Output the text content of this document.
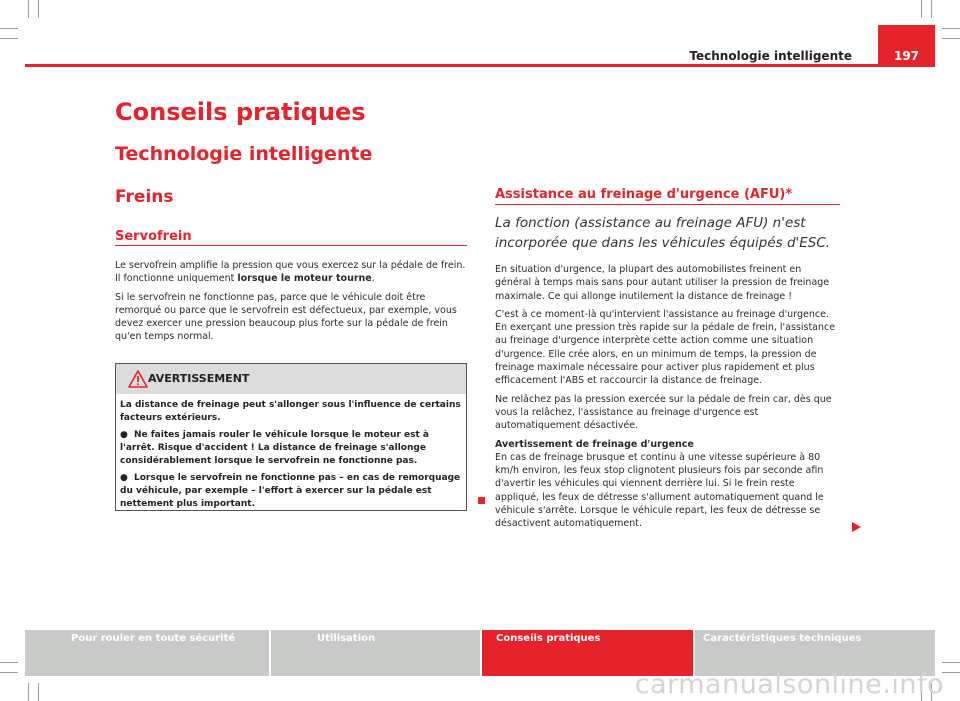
Technologie intelligente	197
Conseils pratiques
Technologie intelligente
Freins
Servofrein

Le servofrein amplifie la pression que vous exercez sur la pédale de frein. Il fonctionne uniquement lorsque le moteur tourne.

Si le servofrein ne fonctionne pas, parce que le véhicule doit être remorqué ou parce que le servofrein est défectueux, par exemple, vous devez exercer une pression beaucoup plus forte sur la pédale de frein qu'en temps normal.

AVERTISSEMENT

La distance de freinage peut s'allonger sous l'influence de certains facteurs extérieurs.

● Ne faites jamais rouler le véhicule lorsque le moteur est à l'arrêt. Risque d'accident ! La distance de freinage s'allonge considérablement lorsque le servofrein ne fonctionne pas.

● Lorsque le servofrein ne fonctionne pas – en cas de remorquage du véhicule, par exemple – l'effort à exercer sur la pédale est nettement plus important.

Assistance au freinage d'urgence (AFU)*
La fonction (assistance au freinage AFU) n'est incorporée que dans les véhicules équipés d'ESC.

En situation d'urgence, la plupart des automobilistes freinent en général à temps mais sans pour autant utiliser la pression de freinage maximale. Ce qui allonge inutilement la distance de freinage !

C'est à ce moment-là qu'intervient l'assistance au freinage d'urgence. En exerçant une pression très rapide sur la pédale de frein, l'assistance au freinage d'urgence interprète cette action comme une situation d'urgence. Elle crée alors, en un minimum de temps, la pression de freinage maximale nécessaire pour activer plus rapidement et plus efficacement l'ABS et raccourcir la distance de freinage.

Ne relâchez pas la pression exercée sur la pédale de frein car, dès que vous la relâchez, l'assistance au freinage d'urgence est automatiquement désactivée.

Avertissement de freinage d'urgence

En cas de freinage brusque et continu à une vitesse supérieure à 80 km/h environ, les feux stop clignotent plusieurs fois par seconde afin d'avertir les véhicules qui viennent derrière lui. Si le frein reste appliqué, les feux de détresse s'allument automatiquement quand le véhicule s'arrête. Lorsque le véhicule repart, les feux de détresse se désactivent automatiquement.

Pour rouler en toute sécurité	Utilisation	Conseils pratiques	Caractéristiques techniques
carmanualsonline.info
